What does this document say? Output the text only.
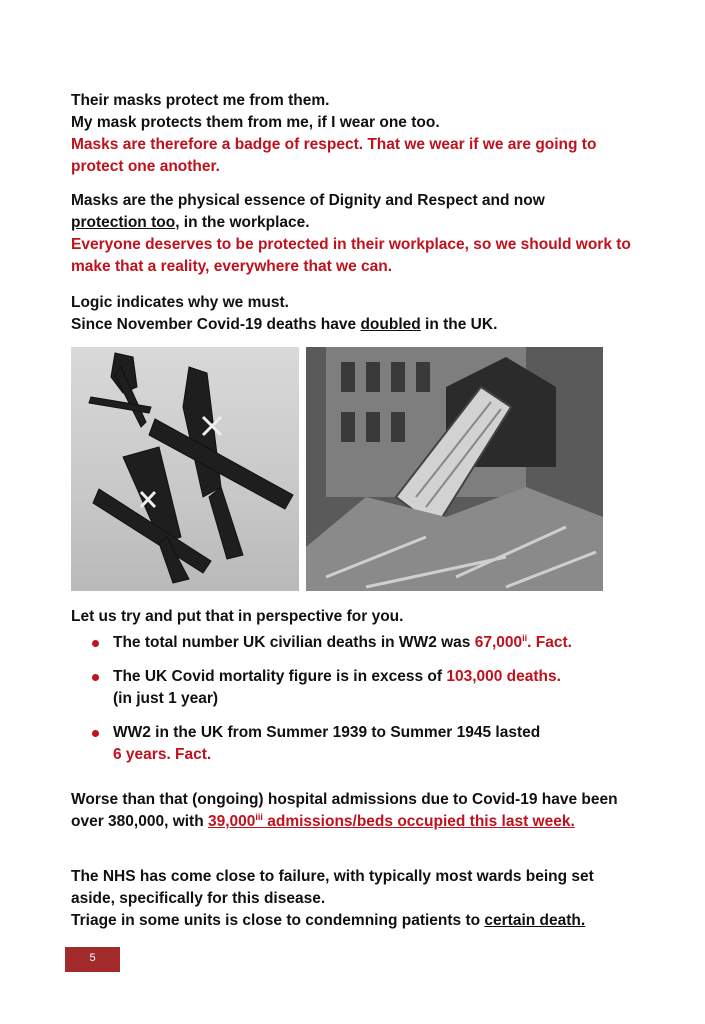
Their masks protect me from them.

My mask protects them from me, if I wear one too.

Masks are therefore a badge of respect. That we wear if we are going to protect one another.

Masks are the physical essence of Dignity and Respect and now
protection too, in the workplace.

Everyone deserves to be protected in their workplace, so we should work to make that a reality, everywhere that we can.

Logic indicates why we must.

Since November Covid-19 deaths have doubled in the UK.

Let us try and put that in perspective for you.

The total number UK civilian deaths in WW2 was 67,000$^{ii}$. Fact.
The UK Covid mortality figure is in excess of 103,000 deaths.
(in just 1 year)
WW2 in the UK from Summer 1939 to Summer 1945 lasted
6 years. Fact.

Worse than that (ongoing) hospital admissions due to Covid-19 have been over 380,000, with 39,000$^{iii}$ admissions/beds occupied this last week.

The NHS has come close to failure, with typically most wards being set aside, specifically for this disease.

Triage in some units is close to condemning patients to certain death.

5
